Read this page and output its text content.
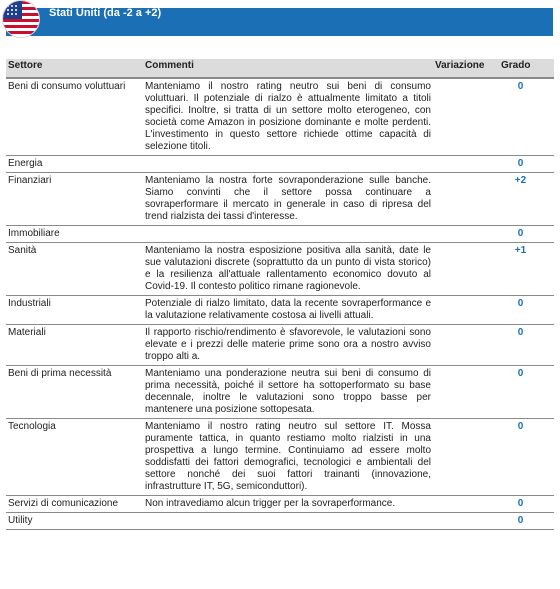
Stati Uniti (da -2 a +2)
Settore	Commenti	Variazione	Grado
Beni di consumo voluttuari	Manteniamo il nostro rating neutro sui beni di consumo voluttuari. Il potenziale di rialzo è attualmente limitato a titoli specifici. Inoltre, si tratta di un settore molto eterogeneo, con società come Amazon in posizione dominante e molte perdenti. L'investimento in questo settore richiede ottime capacità di selezione titoli.		0
Energia			0
Finanziari	Manteniamo la nostra forte sovraponderazione sulle banche. Siamo convinti che il settore possa continuare a sovraperformare il mercato in generale in caso di ripresa del trend rialzista dei tassi d'interesse.		+2
Immobiliare			0
Sanità	Manteniamo la nostra esposizione positiva alla sanità, date le sue valutazioni discrete (soprattutto da un punto di vista storico) e la resilienza all'attuale rallentamento economico dovuto al Covid-19. Il contesto politico rimane ragionevole.		+1
Industriali	Potenziale di rialzo limitato, data la recente sovraperformance e la valutazione relativamente costosa ai livelli attuali.		0
Materiali	Il rapporto rischio/rendimento è sfavorevole, le valutazioni sono elevate e i prezzi delle materie prime sono ora a nostro avviso troppo alti a.		0
Beni di prima necessità	Manteniamo una ponderazione neutra sui beni di consumo di prima necessità, poiché il settore ha sottoperformato su base decennale, inoltre le valutazioni sono troppo basse per mantenere una posizione sottopesata.		0
Tecnologia	Manteniamo il nostro rating neutro sul settore IT. Mossa puramente tattica, in quanto restiamo molto rialzisti in una prospettiva a lungo termine. Continuiamo ad essere molto soddisfatti dei fattori demografici, tecnologici e ambientali del settore nonché dei suoi fattori trainanti (innovazione, infrastrutture IT, 5G, semiconduttori).		0
Servizi di comunicazione	Non intravediamo alcun trigger per la sovraperformance.		0
Utility			0
